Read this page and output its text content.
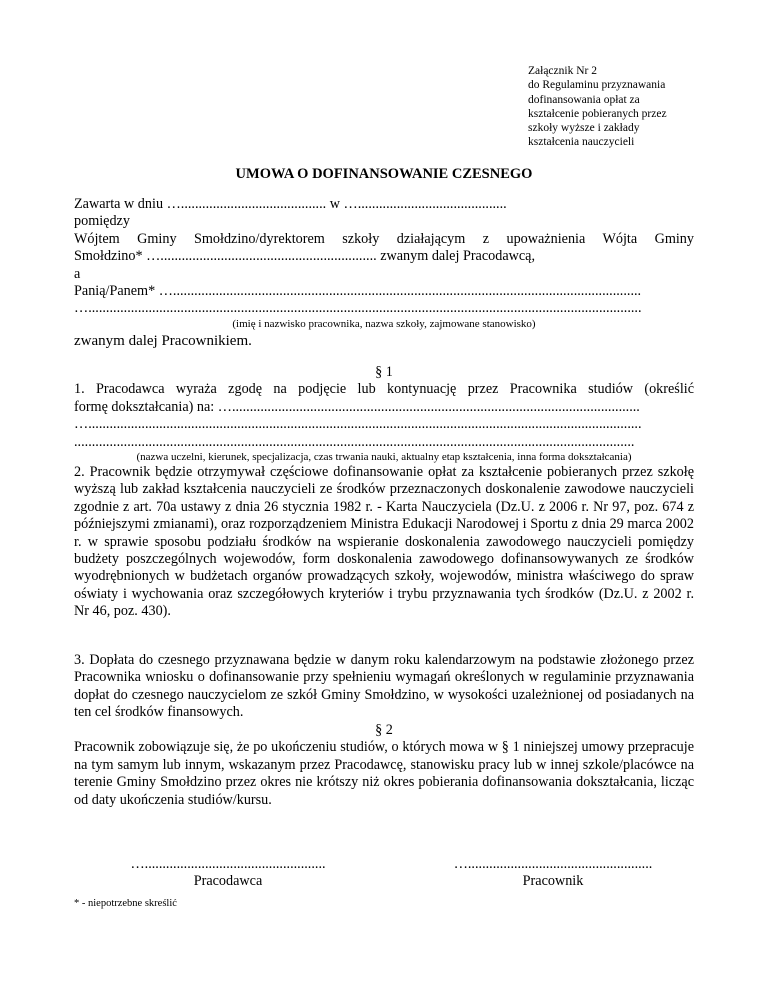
Załącznik Nr 2
do Regulaminu przyznawania
dofinansowania opłat za
kształcenie pobieranych przez
szkoły wyższe i zakłady
kształcenia nauczycieli
UMOWA O DOFINANSOWANIE CZESNEGO
Zawarta w dniu …......................................... w …..........................................
pomiędzy
Wójtem Gminy Smołdzino/dyrektorem szkoły działającym z upoważnienia Wójta Gminy
Smołdzino* …............................................................. zwanym dalej Pracodawcą,
a
Panią/Panem* …....................................................................................................................................
…............................................................................................................................................................
(imię i nazwisko pracownika, nazwa szkoły, zajmowane stanowisko)
zwanym dalej Pracownikiem.
§ 1
1. Pracodawca wyraża zgodę na podjęcie lub kontynuację przez Pracownika studiów (określić
formę dokształcania) na: …...................................................................................................................
…............................................................................................................................................................
..............................................................................................................................................................
(nazwa uczelni, kierunek, specjalizacja, czas trwania nauki, aktualny etap kształcenia, inna forma dokształcania)
2. Pracownik będzie otrzymywał częściowe dofinansowanie opłat za kształcenie pobieranych przez szkołę wyższą lub zakład kształcenia nauczycieli ze środków przeznaczonych doskonalenie zawodowe nauczycieli zgodnie z art. 70a ustawy z dnia 26 stycznia 1982 r. - Karta Nauczyciela (Dz.U. z 2006 r. Nr 97, poz. 674 z późniejszymi zmianami), oraz rozporządzeniem Ministra Edukacji Narodowej i Sportu z dnia 29 marca 2002 r. w sprawie sposobu podziału środków na wspieranie doskonalenia zawodowego nauczycieli pomiędzy budżety poszczególnych wojewodów, form doskonalenia zawodowego dofinansowywanych ze środków wyodrębnionych w budżetach organów prowadzących szkoły, wojewodów, ministra właściwego do spraw oświaty i wychowania oraz szczegółowych kryteriów i trybu przyznawania tych środków (Dz.U. z 2002 r. Nr 46, poz. 430).
3. Dopłata do czesnego przyznawana będzie w danym roku kalendarzowym na podstawie złożonego przez Pracownika wniosku o dofinansowanie przy spełnieniu wymagań określonych w regulaminie przyznawania dopłat do czesnego nauczycielom ze szkół Gminy Smołdzino, w wysokości uzależnionej od posiadanych na ten cel środków finansowych.
§ 2
Pracownik zobowiązuje się, że po ukończeniu studiów, o których mowa w § 1 niniejszej umowy przepracuje na tym samym lub innym, wskazanym przez Pracodawcę, stanowisku pracy lub w innej szkole/placówce na terenie Gminy Smołdzino przez okres nie krótszy niż okres pobierania dofinansowania dokształcania, licząc od daty ukończenia studiów/kursu.
…...................................................
Pracodawca
…....................................................
Pracownik
* - niepotrzebne skreślić
